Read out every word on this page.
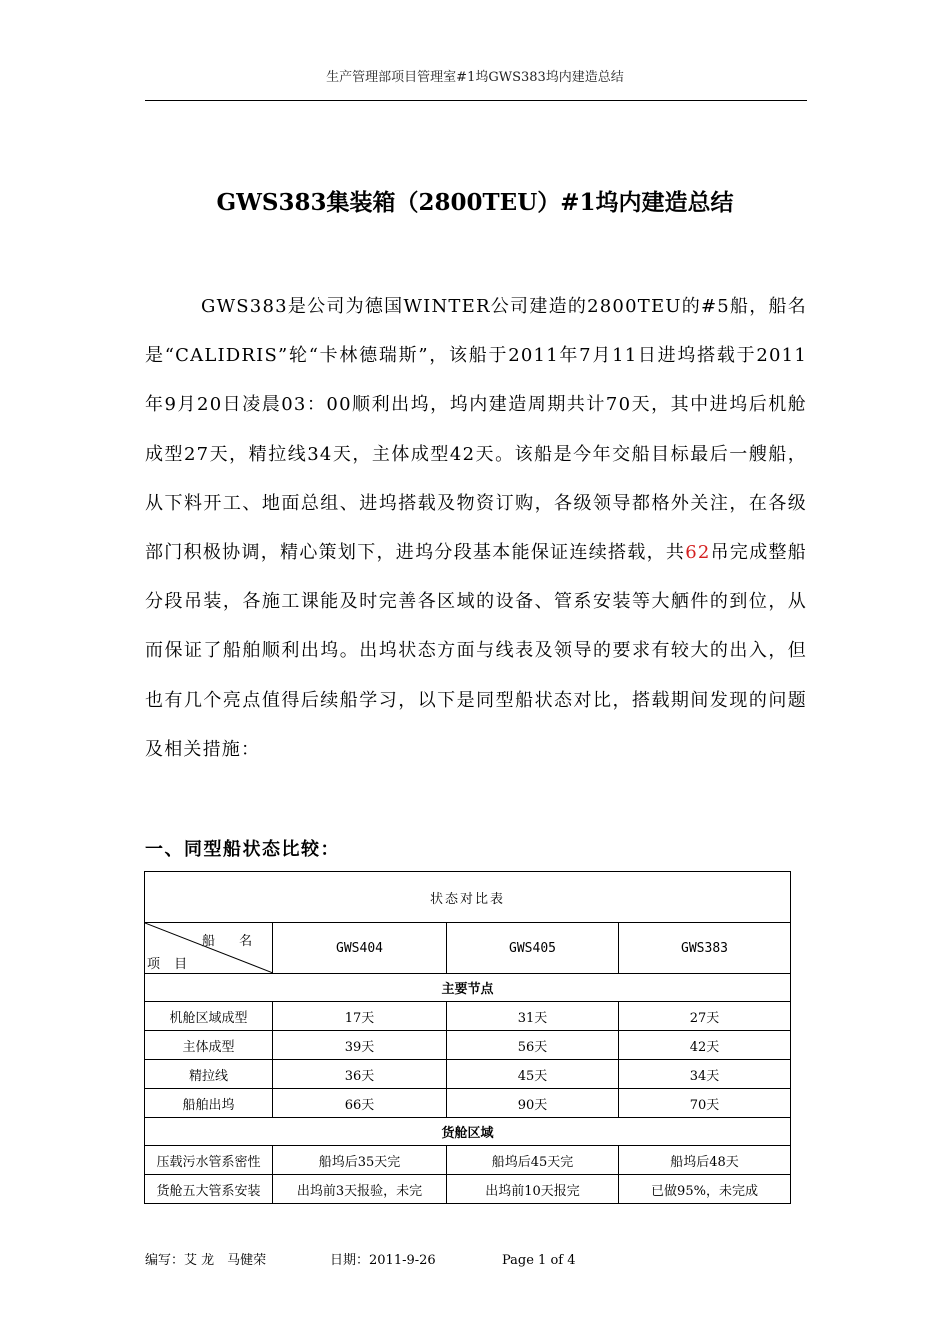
生产管理部项目管理室#1坞GWS383坞内建造总结
GWS383集装箱（2800TEU）#1坞内建造总结

GWS383是公司为德国WINTER公司建造的2800TEU的#5船，船名是“CALIDRIS”轮“卡林德瑞斯”，该船于2011年7月11日进坞搭载于2011年9月20日凌晨03：00顺利出坞，坞内建造周期共计70天，其中进坞后机舱成型27天，精拉线34天，主体成型42天。该船是今年交船目标最后一艘船，从下料开工、地面总组、进坞搭载及物资订购，各级领导都格外关注，在各级部门积极协调，精心策划下，进坞分段基本能保证连续搭载，共62吊完成整船分段吊装，各施工课能及时完善各区域的设备、管系安装等大舾件的到位，从而保证了船舶顺利出坞。出坞状态方面与线表及领导的要求有较大的出入，但也有几个亮点值得后续船学习，以下是同型船状态对比，搭载期间发现的问题及相关措施：

一、同型船状态比较：
状态对比表			

船 名
项 目	GWS404	GWS405	GWS383
主要节点			
机舱区域成型	17天	31天	27天
主体成型	39天	56天	42天
精拉线	36天	45天	34天
船舶出坞	66天	90天	70天
货舱区域			
压载污水管系密性	船坞后35天完	船坞后45天完	船坞后48天
货舱五大管系安装	出坞前3天报验，未完	出坞前10天报完	已做95%，未完成
编写：艾 龙　马健荣	日期：2011-9-26	Page 1 of 4
